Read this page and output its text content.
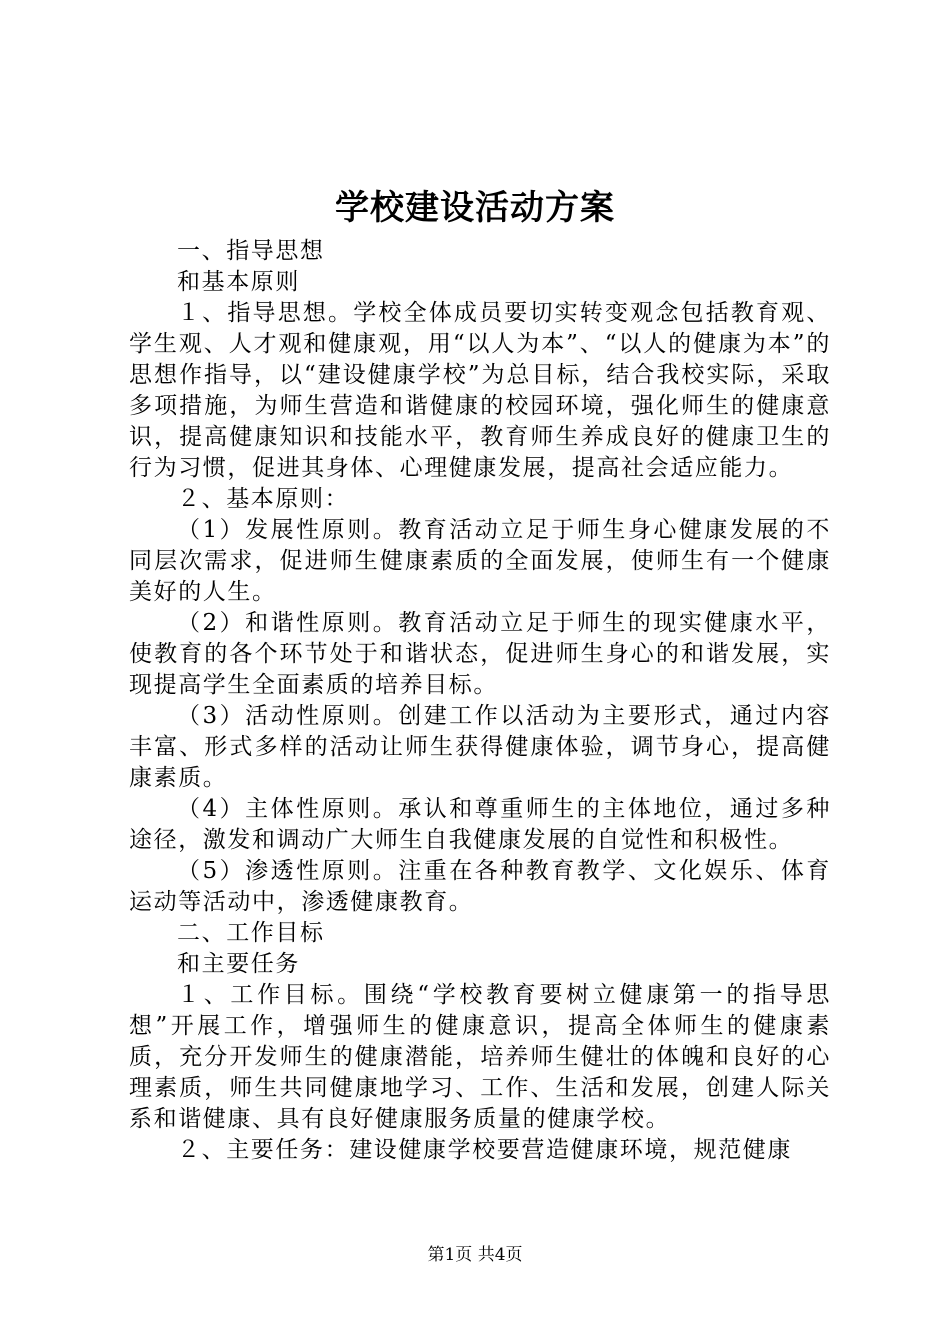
学校建设活动方案

一、指导思想

和基本原则

１、指导思想。学校全体成员要切实转变观念包括教育观、学生观、人才观和健康观，用“以人为本”、“以人的健康为本”的思想作指导，以“建设健康学校”为总目标，结合我校实际，采取多项措施，为师生营造和谐健康的校园环境，强化师生的健康意识，提高健康知识和技能水平，教育师生养成良好的健康卫生的行为习惯，促进其身体、心理健康发展，提高社会适应能力。

２、基本原则：

（1）发展性原则。教育活动立足于师生身心健康发展的不同层次需求，促进师生健康素质的全面发展，使师生有一个健康美好的人生。

（2）和谐性原则。教育活动立足于师生的现实健康水平，使教育的各个环节处于和谐状态，促进师生身心的和谐发展，实现提高学生全面素质的培养目标。

（3）活动性原则。创建工作以活动为主要形式，通过内容丰富、形式多样的活动让师生获得健康体验，调节身心，提高健康素质。

（4）主体性原则。承认和尊重师生的主体地位，通过多种途径，激发和调动广大师生自我健康发展的自觉性和积极性。

（5）渗透性原则。注重在各种教育教学、文化娱乐、体育运动等活动中，渗透健康教育。

二、工作目标

和主要任务

１、工作目标。围绕“学校教育要树立健康第一的指导思想”开展工作，增强师生的健康意识，提高全体师生的健康素质，充分开发师生的健康潜能，培养师生健壮的体魄和良好的心理素质，师生共同健康地学习、工作、生活和发展，创建人际关系和谐健康、具有良好健康服务质量的健康学校。

２、主要任务：建设健康学校要营造健康环境，规范健康

第1页 共4页
